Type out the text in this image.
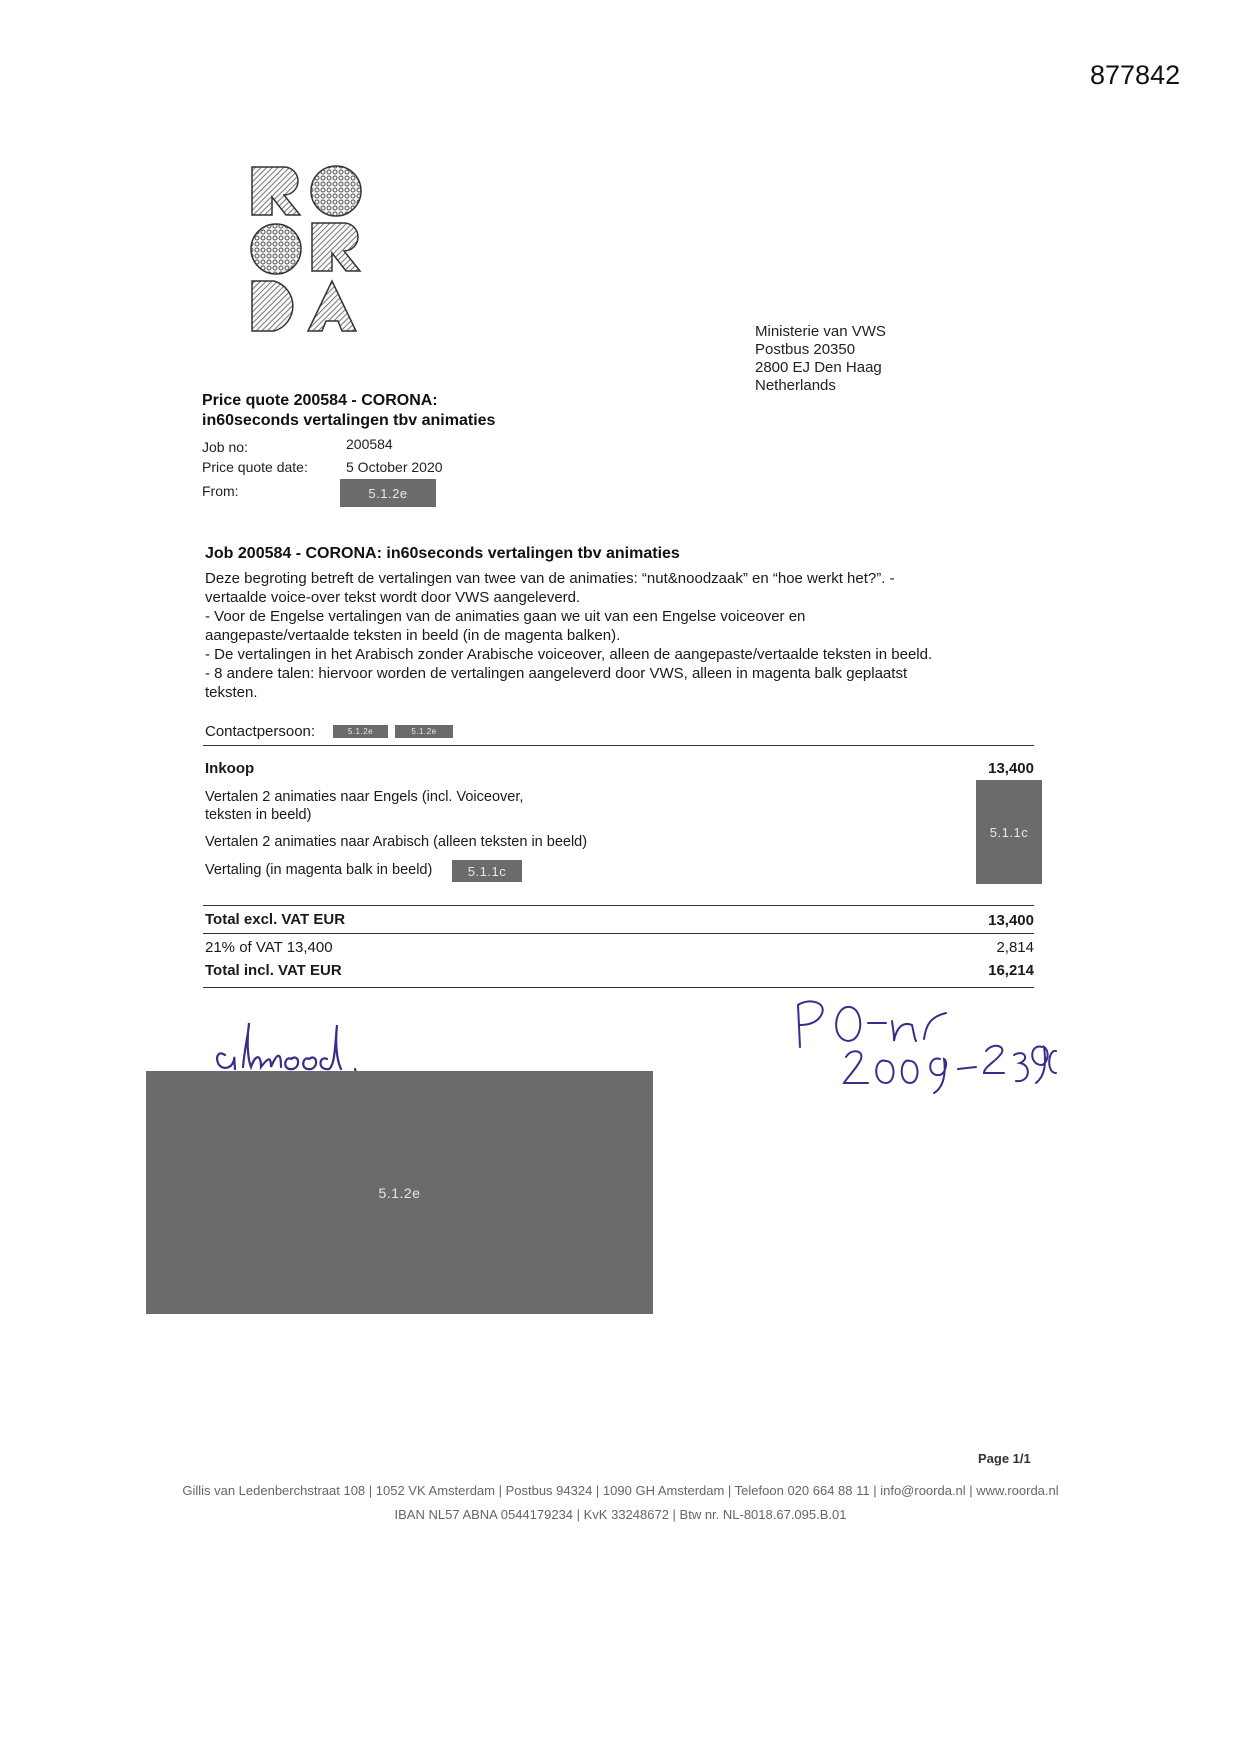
877842
Ministerie van VWS
Postbus 20350
2800 EJ Den Haag
Netherlands
Price quote 200584 - CORONA:
in60seconds vertalingen tbv animaties
Job no:	200584
Price quote date:	5 October 2020
From:	5.1.2e
Job 200584 - CORONA: in60seconds vertalingen tbv animaties

Deze begroting betreft de vertalingen van twee van de animaties: “nut&noodzaak” en “hoe werkt het?”. -

vertaalde voice-over tekst wordt door VWS aangeleverd.

- Voor de Engelse vertalingen van de animaties gaan we uit van een Engelse voiceover en

aangepaste/vertaalde teksten in beeld (in de magenta balken).

- De vertalingen in het Arabisch zonder Arabische voiceover, alleen de aangepaste/vertaalde teksten in beeld.

- 8 andere talen: hiervoor worden de vertalingen aangeleverd door VWS, alleen in magenta balk geplaatst

teksten.

Contactpersoon:	5.1.2e	5.1.2e
Inkoop	13,400
5.1.1c
Vertalen 2 animaties naar Engels (incl. Voiceover,
teksten in beeld)
Vertalen 2 animaties naar Arabisch (alleen teksten in beeld)
Vertaling (in magenta balk in beeld)	5.1.1c
Total excl. VAT EUR	13,400
21% of VAT 13,400	2,814
Total incl. VAT EUR	16,214
5.1.2e
Page 1/1
Gillis van Ledenberchstraat 108 | 1052 VK Amsterdam | Postbus 94324 | 1090 GH Amsterdam | Telefoon 020 664 88 11 | info@roorda.nl | www.roorda.nl
IBAN NL57 ABNA 0544179234 | KvK 33248672 | Btw nr. NL-8018.67.095.B.01
